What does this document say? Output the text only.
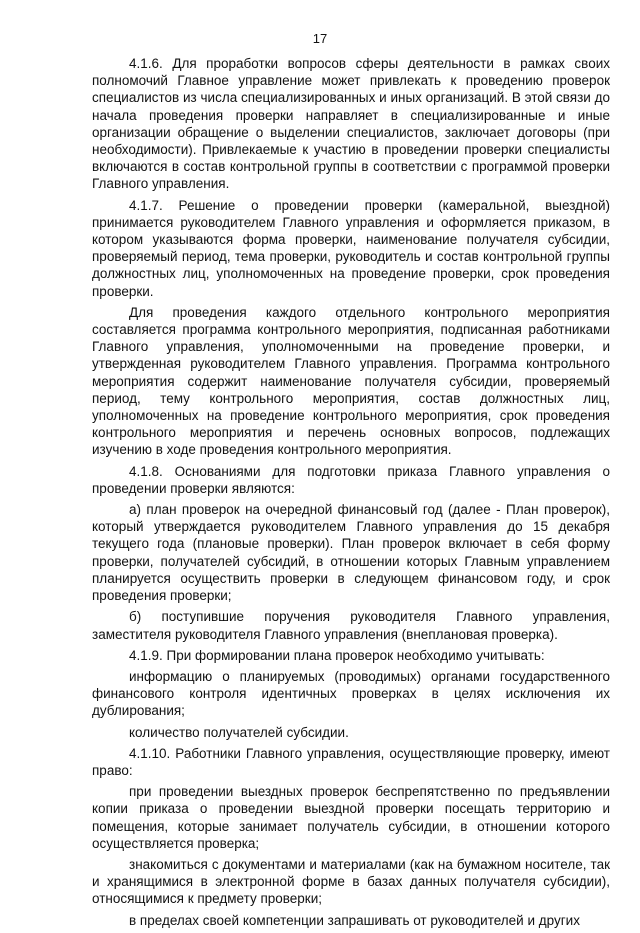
17

4.1.6. Для проработки вопросов сферы деятельности в рамках своих полномочий Главное управление может привлекать к проведению проверок специалистов из числа специализированных и иных организаций. В этой связи до начала проведения проверки направляет в специализированные и иные организации обращение о выделении специалистов, заключает договоры (при необходимости). Привлекаемые к участию в проведении проверки специалисты включаются в состав контрольной группы в соответствии с программой проверки Главного управления.

4.1.7. Решение о проведении проверки (камеральной, выездной) принимается руководителем Главного управления и оформляется приказом, в котором указываются форма проверки, наименование получателя субсидии, проверяемый период, тема проверки, руководитель и состав контрольной группы должностных лиц, уполномоченных на проведение проверки, срок проведения проверки.

Для проведения каждого отдельного контрольного мероприятия составляется программа контрольного мероприятия, подписанная работниками Главного управления, уполномоченными на проведение проверки, и утвержденная руководителем Главного управления. Программа контрольного мероприятия содержит наименование получателя субсидии, проверяемый период, тему контрольного мероприятия, состав должностных лиц, уполномоченных на проведение контрольного мероприятия, срок проведения контрольного мероприятия и перечень основных вопросов, подлежащих изучению в ходе проведения контрольного мероприятия.

4.1.8. Основаниями для подготовки приказа Главного управления о проведении проверки являются:

а) план проверок на очередной финансовый год (далее - План проверок), который утверждается руководителем Главного управления до 15 декабря текущего года (плановые проверки). План проверок включает в себя форму проверки, получателей субсидий, в отношении которых Главным управлением планируется осуществить проверки в следующем финансовом году, и срок проведения проверки;

б) поступившие поручения руководителя Главного управления, заместителя руководителя Главного управления (внеплановая проверка).

4.1.9. При формировании плана проверок необходимо учитывать:

информацию о планируемых (проводимых) органами государственного финансового контроля идентичных проверках в целях исключения их дублирования;

количество получателей субсидии.

4.1.10. Работники Главного управления, осуществляющие проверку, имеют право:

при проведении выездных проверок беспрепятственно по предъявлении копии приказа о проведении выездной проверки посещать территорию и помещения, которые занимает получатель субсидии, в отношении которого осуществляется проверка;

знакомиться с документами и материалами (как на бумажном носителе, так и хранящимися в электронной форме в базах данных получателя субсидии), относящимися к предмету проверки;

в пределах своей компетенции запрашивать от руководителей и других
